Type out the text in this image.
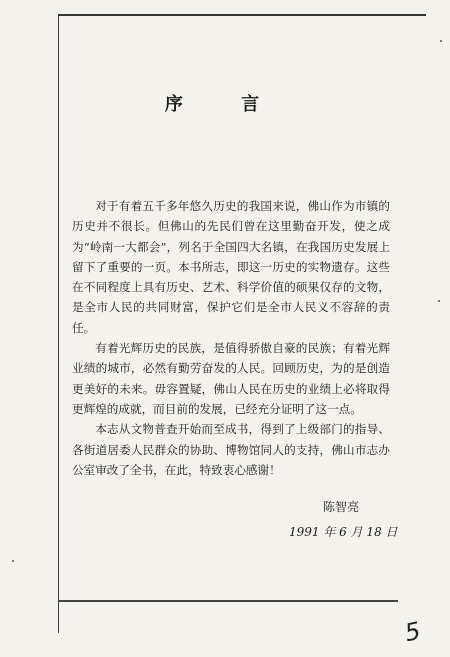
序 言

对于有着五千多年悠久历史的我国来说，佛山作为市镇的历史并不很长。但佛山的先民们曾在这里勤奋开发，使之成为“岭南一大都会”，列名于全国四大名镇，在我国历史发展上留下了重要的一页。本书所志，即这一历史的实物遗存。这些在不同程度上具有历史、艺术、科学价值的硕果仅存的文物，是全市人民的共同财富，保护它们是全市人民义不容辞的责任。

有着光辉历史的民族，是值得骄傲自豪的民族；有着光辉业绩的城市，必然有勤劳奋发的人民。回顾历史，为的是创造更美好的未来。毋容置疑，佛山人民在历史的业绩上必将取得更辉煌的成就，而目前的发展，已经充分证明了这一点。

本志从文物普查开始而至成书，得到了上级部门的指导、各街道居委人民群众的协助、博物馆同人的支持，佛山市志办公室审改了全书，在此，特致衷心感谢！

陈智亮
1991 年 6 月 18 日
5
